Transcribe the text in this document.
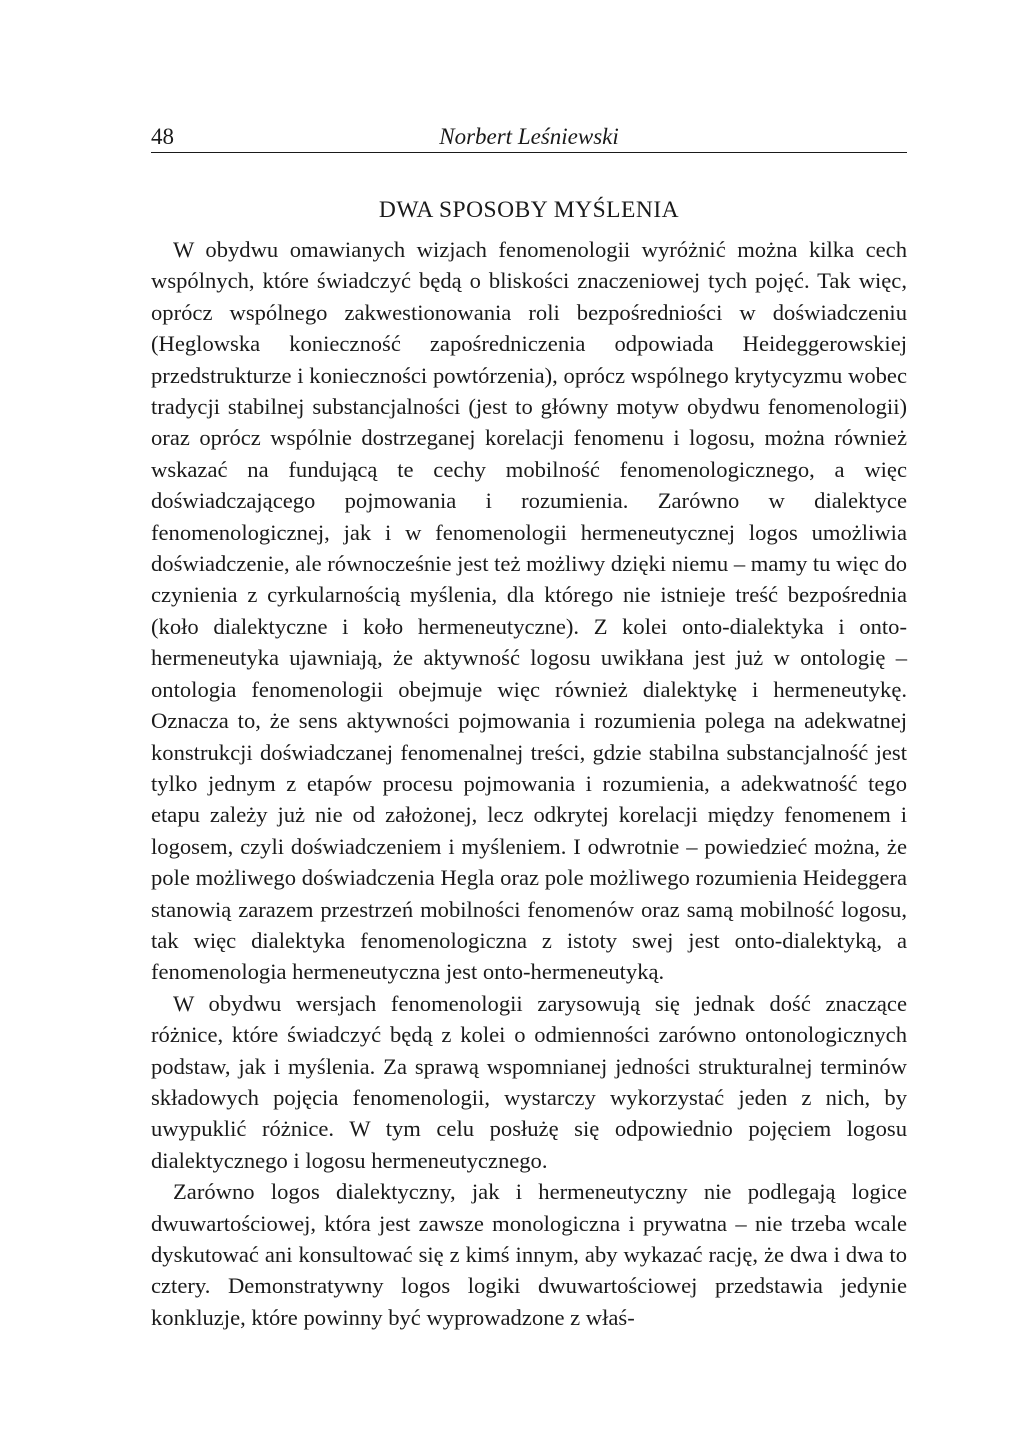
48	Norbert Leśniewski
DWA SPOSOBY MYŚLENIA

W obydwu omawianych wizjach fenomenologii wyróżnić można kilka cech wspólnych, które świadczyć będą o bliskości znaczeniowej tych pojęć. Tak więc, oprócz wspólnego zakwestionowania roli bezpośredniości w doświadczeniu (Heglowska konieczność zapośredniczenia odpowiada Heideggerowskiej przedstrukturze i konieczności powtórzenia), oprócz wspólnego krytycyzmu wobec tradycji stabilnej substancjalności (jest to główny motyw obydwu fenomenologii) oraz oprócz wspólnie dostrzeganej korelacji fenomenu i logosu, można również wskazać na fundującą te cechy mobilność fenomenologicznego, a więc doświadczającego pojmowania i rozumienia. Zarówno w dialektyce fenomenologicznej, jak i w fenomenologii hermeneutycznej logos umożliwia doświadczenie, ale równocześnie jest też możliwy dzięki niemu – mamy tu więc do czynienia z cyrkularnością myślenia, dla którego nie istnieje treść bezpośrednia (koło dialektyczne i koło hermeneutyczne). Z kolei onto-dialektyka i onto-hermeneutyka ujawniają, że aktywność logosu uwikłana jest już w ontologię – ontologia fenomenologii obejmuje więc również dialektykę i hermeneutykę. Oznacza to, że sens aktywności pojmowania i rozumienia polega na adekwatnej konstrukcji doświadczanej fenomenalnej treści, gdzie stabilna substancjalność jest tylko jednym z etapów procesu pojmowania i rozumienia, a adekwatność tego etapu zależy już nie od założonej, lecz odkrytej korelacji między fenomenem i logosem, czyli doświadczeniem i myśleniem. I odwrotnie – powiedzieć można, że pole możliwego doświadczenia Hegla oraz pole możliwego rozumienia Heideggera stanowią zarazem przestrzeń mobilności fenomenów oraz samą mobilność logosu, tak więc dialektyka fenomenologiczna z istoty swej jest onto-dialektyką, a fenomenologia hermeneutyczna jest onto-hermeneutyką.

W obydwu wersjach fenomenologii zarysowują się jednak dość znaczące różnice, które świadczyć będą z kolei o odmienności zarówno ontonologicznych podstaw, jak i myślenia. Za sprawą wspomnianej jedności strukturalnej terminów składowych pojęcia fenomenologii, wystarczy wykorzystać jeden z nich, by uwypuklić różnice. W tym celu posłużę się odpowiednio pojęciem logosu dialektycznego i logosu hermeneutycznego.

Zarówno logos dialektyczny, jak i hermeneutyczny nie podlegają logice dwuwartościowej, która jest zawsze monologiczna i prywatna – nie trzeba wcale dyskutować ani konsultować się z kimś innym, aby wykazać rację, że dwa i dwa to cztery. Demonstratywny logos logiki dwuwartościowej przedstawia jedynie konkluzje, które powinny być wyprowadzone z właś-
